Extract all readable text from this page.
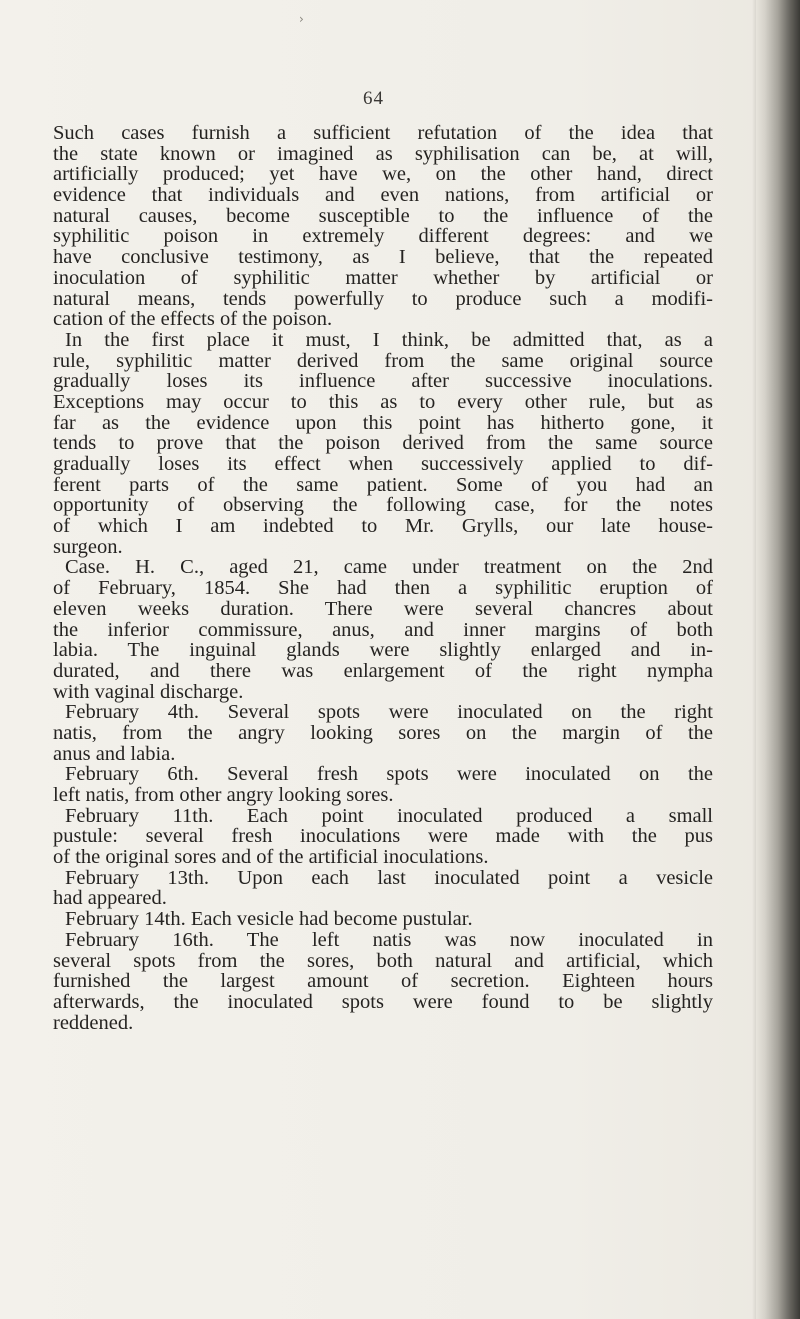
›
64
Such cases furnish a sufficient refutation of the idea that
the state known or imagined as syphilisation can be, at will,
artificially produced; yet have we, on the other hand, direct
evidence that individuals and even nations, from artificial or
natural causes, become susceptible to the influence of the
syphilitic poison in extremely different degrees: and we
have conclusive testimony, as I believe, that the repeated
inoculation of syphilitic matter whether by artificial or
natural means, tends powerfully to produce such a modifi-
cation of the effects of the poison.
In the first place it must, I think, be admitted that, as a
rule, syphilitic matter derived from the same original source
gradually loses its influence after successive inoculations.
Exceptions may occur to this as to every other rule, but as
far as the evidence upon this point has hitherto gone, it
tends to prove that the poison derived from the same source
gradually loses its effect when successively applied to dif-
ferent parts of the same patient. Some of you had an
opportunity of observing the following case, for the notes
of which I am indebted to Mr. Grylls, our late house-
surgeon.
Case. H. C., aged 21, came under treatment on the 2nd
of February, 1854. She had then a syphilitic eruption of
eleven weeks duration. There were several chancres about
the inferior commissure, anus, and inner margins of both
labia. The inguinal glands were slightly enlarged and in-
durated, and there was enlargement of the right nympha
with vaginal discharge.
February 4th. Several spots were inoculated on the right
natis, from the angry looking sores on the margin of the
anus and labia.
February 6th. Several fresh spots were inoculated on the
left natis, from other angry looking sores.
February 11th. Each point inoculated produced a small
pustule: several fresh inoculations were made with the pus
of the original sores and of the artificial inoculations.
February 13th. Upon each last inoculated point a vesicle
had appeared.
February 14th. Each vesicle had become pustular.
February 16th. The left natis was now inoculated in
several spots from the sores, both natural and artificial, which
furnished the largest amount of secretion. Eighteen hours
afterwards, the inoculated spots were found to be slightly
reddened.
